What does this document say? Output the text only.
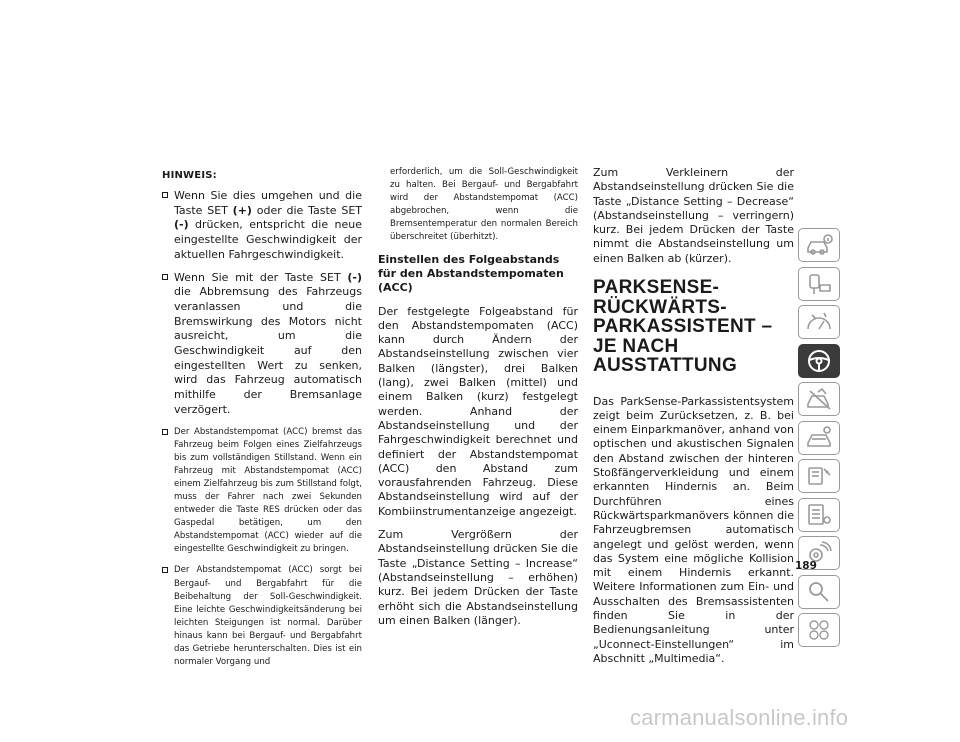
HINWEIS:

Wenn Sie dies umgehen und die Taste SET (+) oder die Taste SET (-) drücken, entspricht die neue eingestellte Geschwindigkeit der aktuellen Fahrgeschwindigkeit.
Wenn Sie mit der Taste SET (-) die Abbremsung des Fahrzeugs veranlassen und die Bremswirkung des Motors nicht ausreicht, um die Geschwindigkeit auf den eingestellten Wert zu senken, wird das Fahrzeug automatisch mithilfe der Bremsanlage verzögert.
Der Abstandstempomat (ACC) bremst das Fahrzeug beim Folgen eines Zielfahrzeugs bis zum vollständigen Stillstand. Wenn ein Fahrzeug mit Abstandstempomat (ACC) einem Zielfahrzeug bis zum Stillstand folgt, muss der Fahrer nach zwei Sekunden entweder die Taste RES drücken oder das Gaspedal betätigen, um den Abstandstempomat (ACC) wieder auf die eingestellte Geschwindigkeit zu bringen.
Der Abstandstempomat (ACC) sorgt bei Bergauf- und Bergabfahrt für die Beibehaltung der Soll-Geschwindigkeit. Eine leichte Geschwindigkeitsänderung bei leichten Steigungen ist normal. Darüber hinaus kann bei Bergauf- und Bergabfahrt das Getriebe herunterschalten. Dies ist ein normaler Vorgang und

erforderlich, um die Soll-Geschwindigkeit zu halten. Bei Bergauf- und Bergabfahrt wird der Abstandstempomat (ACC) abgebrochen, wenn die Bremsentemperatur den normalen Bereich überschreitet (überhitzt).

Einstellen des Folgeabstands für den Abstandstempomaten (ACC)

Der festgelegte Folgeabstand für den Abstandstempomaten (ACC) kann durch Ändern der Abstandseinstellung zwischen vier Balken (längster), drei Balken (lang), zwei Balken (mittel) und einem Balken (kurz) festgelegt werden. Anhand der Abstandseinstellung und der Fahrgeschwindigkeit berechnet und definiert der Abstandstempomat (ACC) den Abstand zum vorausfahrenden Fahrzeug. Diese Abstandseinstellung wird auf der Kombiinstrumentanzeige angezeigt.

Zum Vergrößern der Abstandseinstellung drücken Sie die Taste „Distance Setting – Increase“ (Abstandseinstellung – erhöhen) kurz. Bei jedem Drücken der Taste erhöht sich die Abstandseinstellung um einen Balken (länger).

Zum Verkleinern der Abstandseinstellung drücken Sie die Taste „Distance Setting – Decrease“ (Abstandseinstellung – verringern) kurz. Bei jedem Drücken der Taste nimmt die Abstandseinstellung um einen Balken ab (kürzer).

PARKSENSE-RÜCKWÄRTS-PARKASSISTENT – JE NACH AUSSTATTUNG

Das ParkSense-Parkassistentsystem zeigt beim Zurücksetzen, z. B. bei einem Einparkmanöver, anhand von optischen und akustischen Signalen den Abstand zwischen der hinteren Stoßfängerverkleidung und einem erkannten Hindernis an. Beim Durchführen eines Rückwärtsparkmanövers können die Fahrzeugbremsen automatisch angelegt und gelöst werden, wenn das System eine mögliche Kollision mit einem Hindernis erkannt. Weitere Informationen zum Ein- und Ausschalten des Bremsassistenten finden Sie in der Bedienungsanleitung unter „Uconnect-Einstellungen“ im Abschnitt „Multimedia“.

189
carmanualsonline.info
